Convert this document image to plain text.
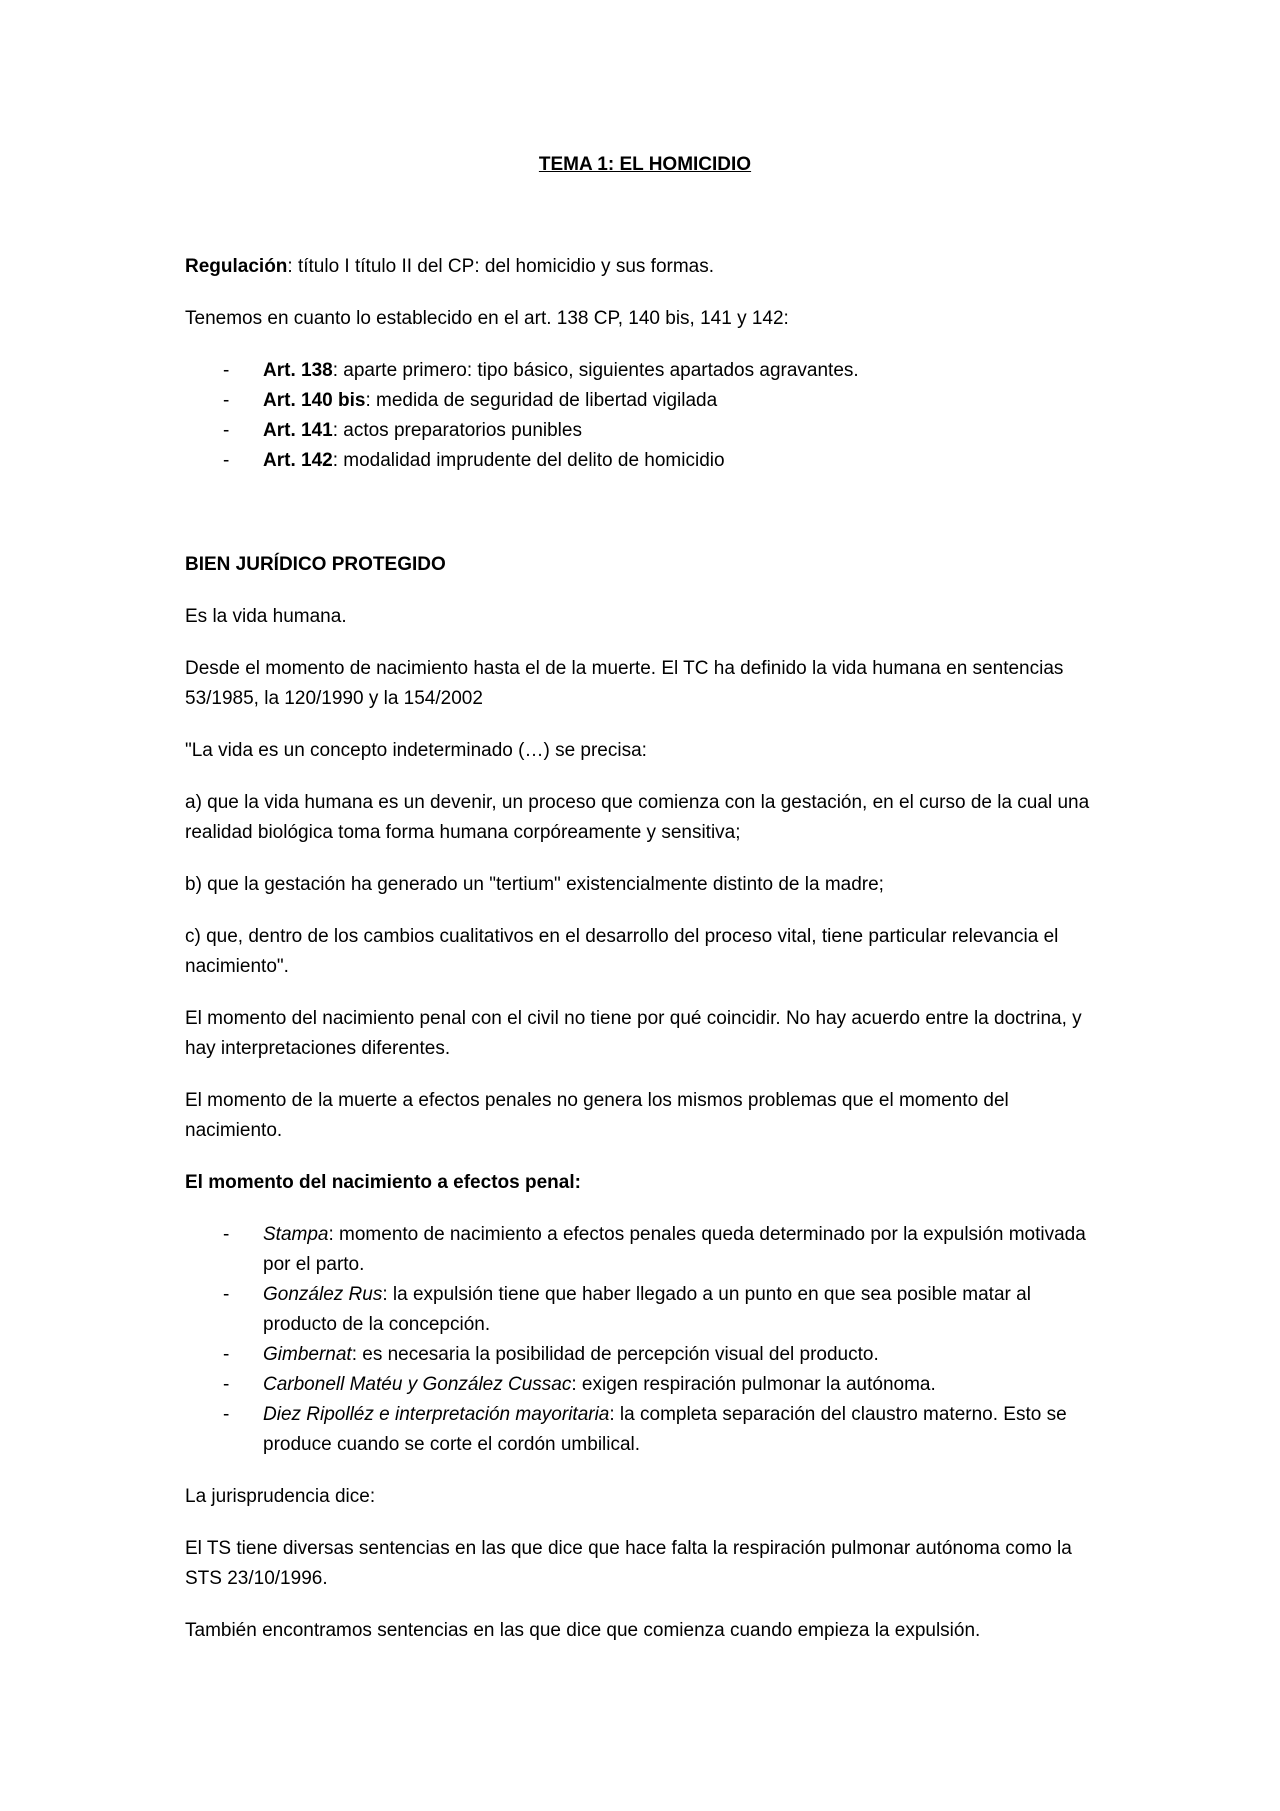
TEMA 1: EL HOMICIDIO

Regulación: título I título II del CP: del homicidio y sus formas.

Tenemos en cuanto lo establecido en el art. 138 CP, 140 bis, 141 y 142:

- Art. 138: aparte primero: tipo básico, siguientes apartados agravantes.
- Art. 140 bis: medida de seguridad de libertad vigilada
- Art. 141: actos preparatorios punibles
- Art. 142: modalidad imprudente del delito de homicidio

BIEN JURÍDICO PROTEGIDO

Es la vida humana.

Desde el momento de nacimiento hasta el de la muerte. El TC ha definido la vida humana en sentencias 53/1985, la 120/1990 y la 154/2002

"La vida es un concepto indeterminado (…) se precisa:

a) que la vida humana es un devenir, un proceso que comienza con la gestación, en el curso de la cual una realidad biológica toma forma humana corpóreamente y sensitiva;

b) que la gestación ha generado un "tertium" existencialmente distinto de la madre;

c) que, dentro de los cambios cualitativos en el desarrollo del proceso vital, tiene particular relevancia el nacimiento".

El momento del nacimiento penal con el civil no tiene por qué coincidir. No hay acuerdo entre la doctrina, y hay interpretaciones diferentes.

El momento de la muerte a efectos penales no genera los mismos problemas que el momento del nacimiento.

El momento del nacimiento a efectos penal:

- Stampa: momento de nacimiento a efectos penales queda determinado por la expulsión motivada por el parto.
- González Rus: la expulsión tiene que haber llegado a un punto en que sea posible matar al producto de la concepción.
- Gimbernat: es necesaria la posibilidad de percepción visual del producto.
- Carbonell Matéu y González Cussac: exigen respiración pulmonar la autónoma.
- Diez Ripolléz e interpretación mayoritaria: la completa separación del claustro materno. Esto se produce cuando se corte el cordón umbilical.

La jurisprudencia dice:

El TS tiene diversas sentencias en las que dice que hace falta la respiración pulmonar autónoma como la STS 23/10/1996.

También encontramos sentencias en las que dice que comienza cuando empieza la expulsión.
